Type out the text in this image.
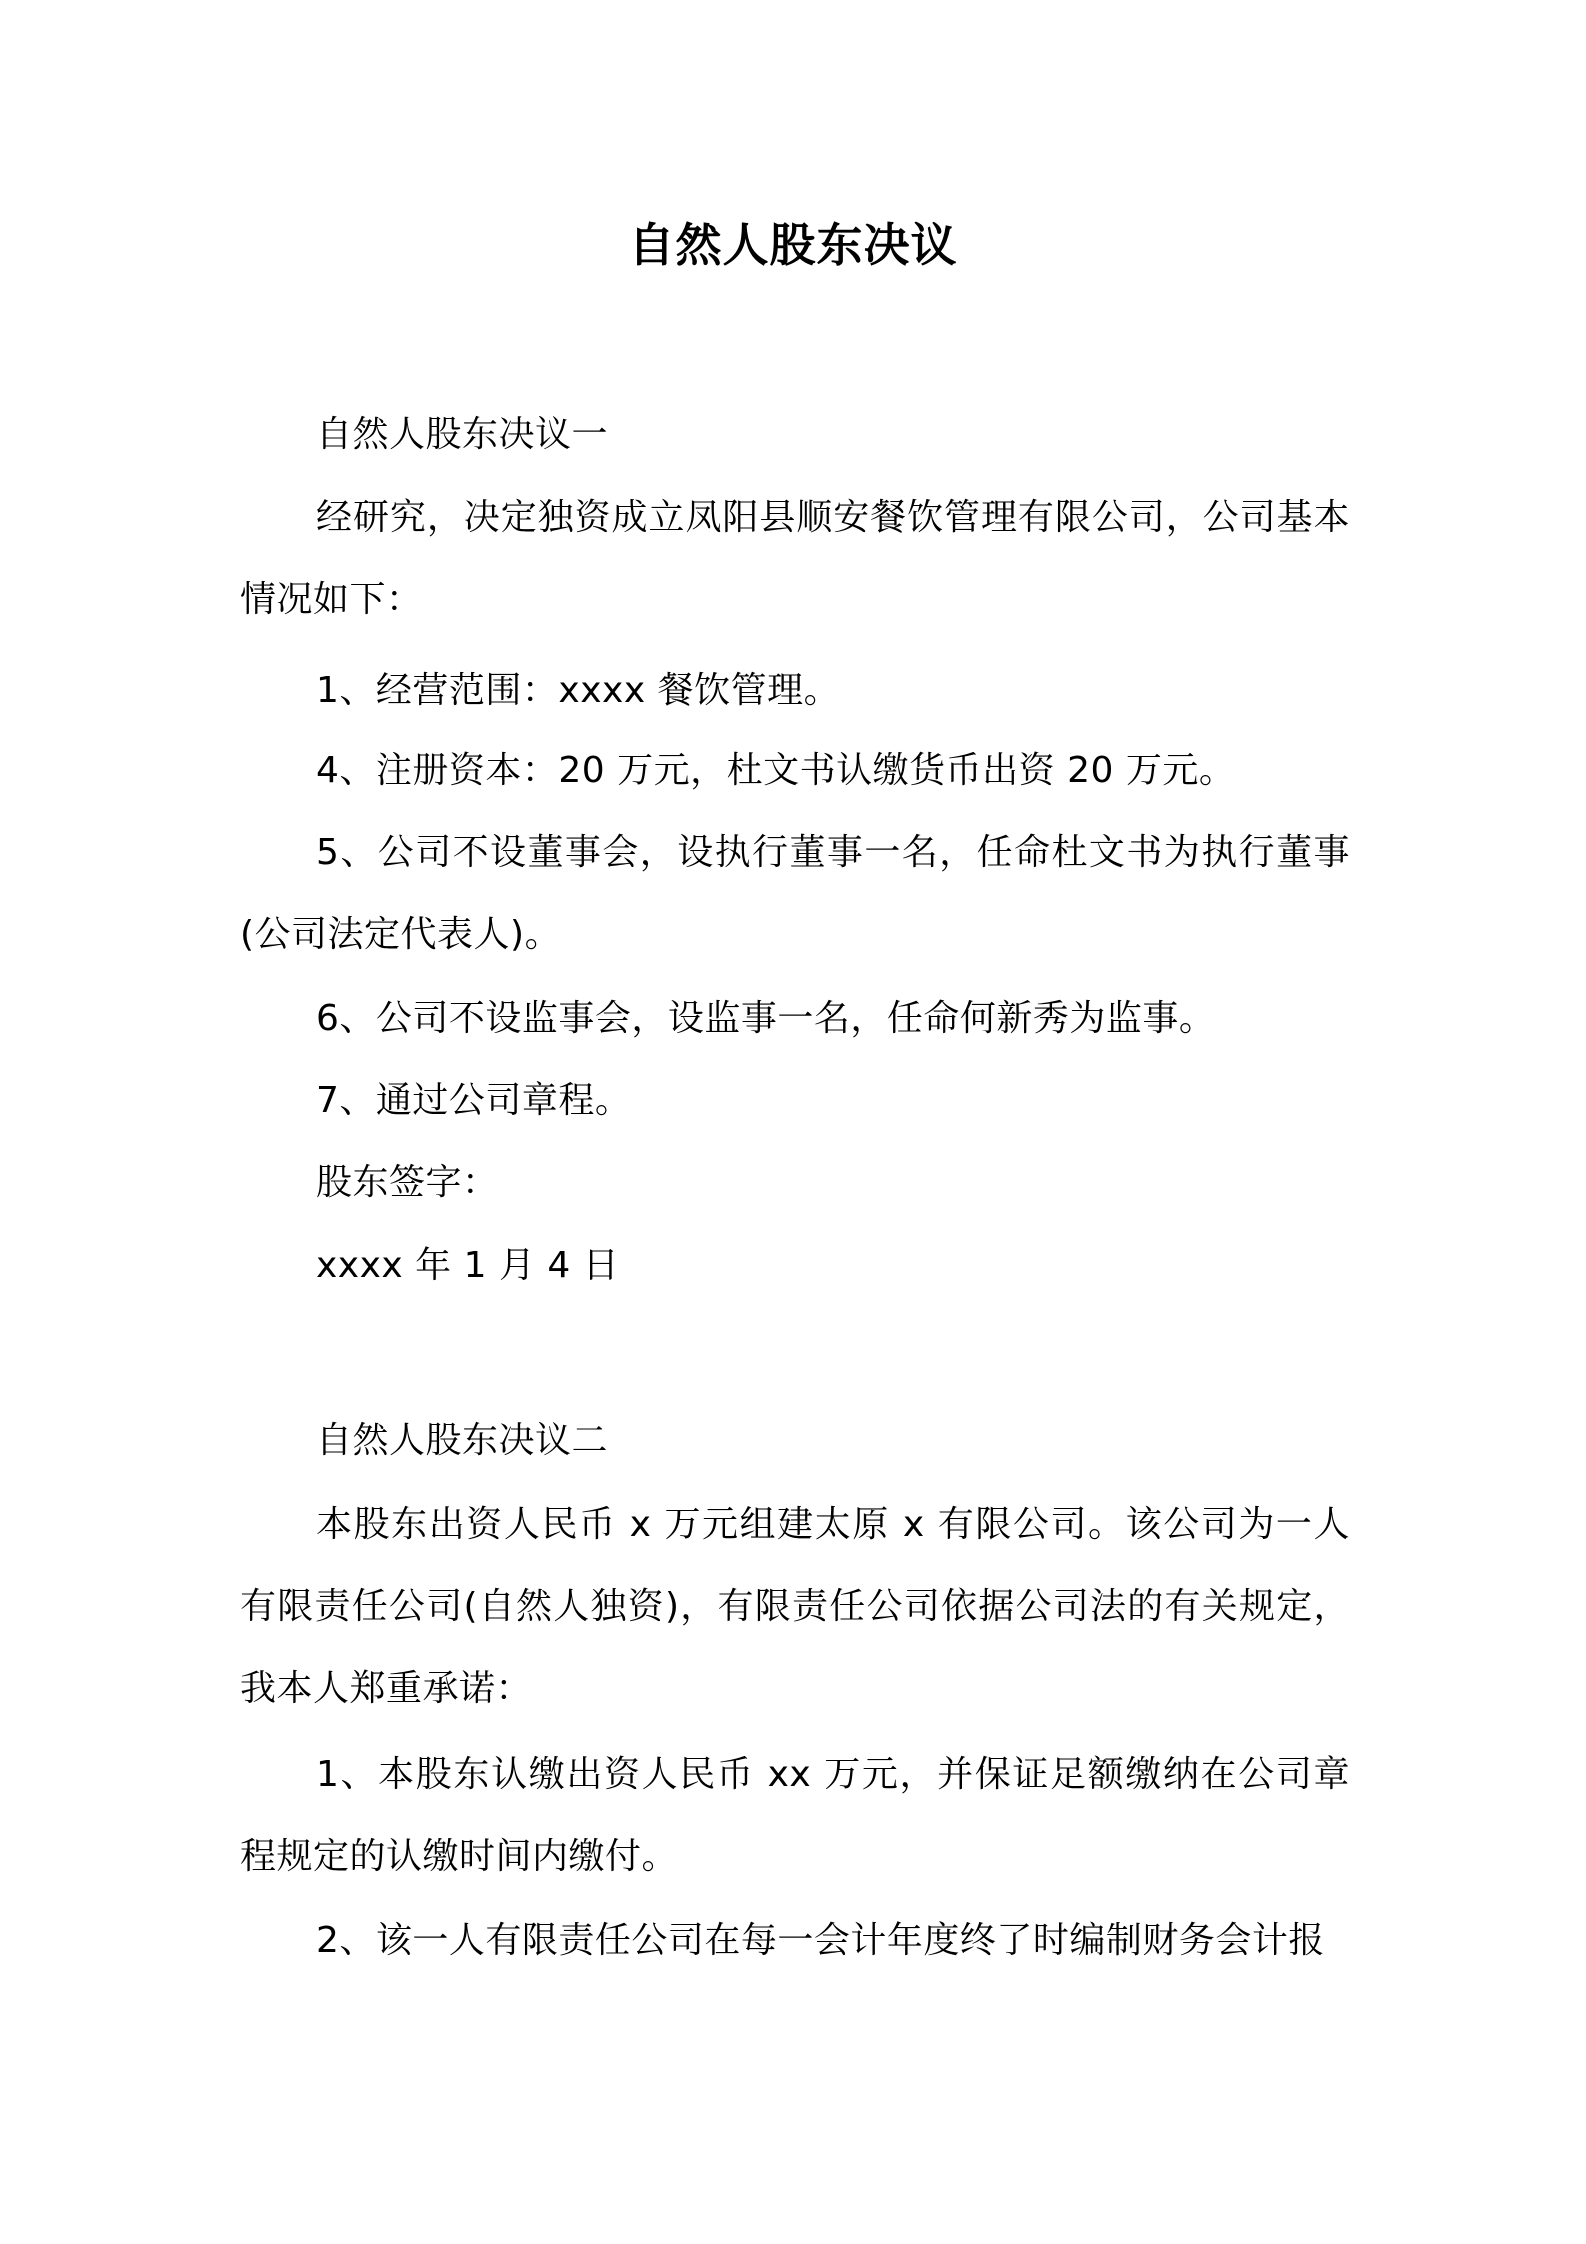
自然人股东决议

自然人股东决议一

经研究，决定独资成立凤阳县顺安餐饮管理有限公司，公司基本情况如下：

1、经营范围：xxxx 餐饮管理。

4、注册资本：20 万元，杜文书认缴货币出资 20 万元。

5、公司不设董事会，设执行董事一名，任命杜文书为执行董事(公司法定代表人)。

6、公司不设监事会，设监事一名，任命何新秀为监事。

7、通过公司章程。

股东签字：

xxxx 年 1 月 4 日

自然人股东决议二

本股东出资人民币 x 万元组建太原 x 有限公司。该公司为一人有限责任公司(自然人独资)，有限责任公司依据公司法的有关规定，我本人郑重承诺：

1、本股东认缴出资人民币 xx 万元，并保证足额缴纳在公司章程规定的认缴时间内缴付。

2、该一人有限责任公司在每一会计年度终了时编制财务会计报
